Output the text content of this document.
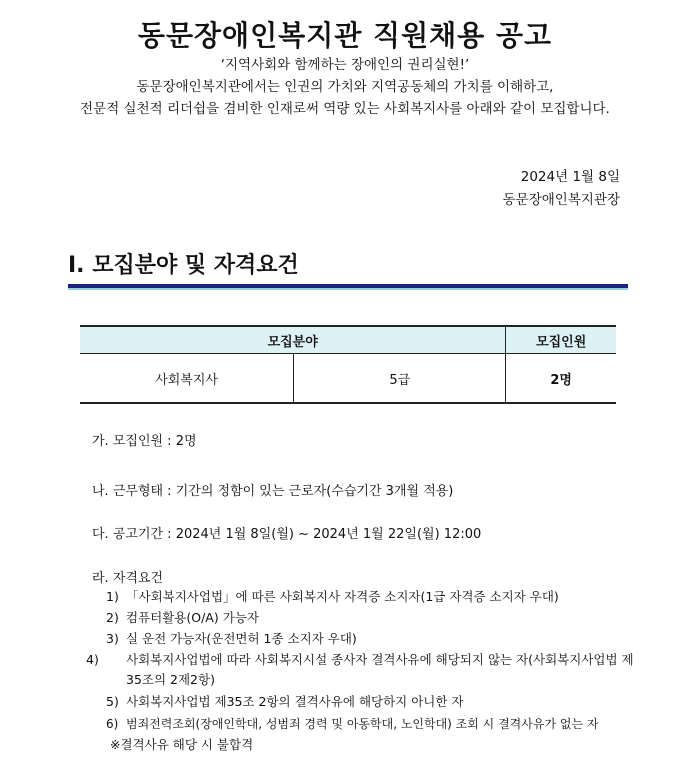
동문장애인복지관 직원채용 공고
‘지역사회와 함께하는 장애인의 권리실현!’
동문장애인복지관에서는 인권의 가치와 지역공동체의 가치를 이해하고,
전문적 실천적 리더쉽을 겸비한 인재로써 역량 있는 사회복지사를 아래와 같이 모집합니다.
2024년 1월 8일
동문장애인복지관장
Ⅰ. 모집분야 및 자격요건
모집분야		모집인원
사회복지사	5급	2명
가. 모집인원 : 2명
나. 근무형태 : 기간의 정함이 있는 근로자(수습기간 3개월 적용)
다. 공고기간 : 2024년 1월 8일(월) ~ 2024년 1월 22일(월) 12:00
라. 자격요건
1) 「사회복지사업법」에 따른 사회복지사 자격증 소지자(1급 자격증 소지자 우대)
2) 컴퓨터활용(O/A) 가능자
3) 실 운전 가능자(운전면허 1종 소지자 우대)
4) 사회복지사업법에 따라 사회복지시설 종사자 결격사유에 해당되지 않는 자(사회복지사업법 제35조의 2제2항)
5) 사회복지사업법 제35조 2항의 결격사유에 해당하지 아니한 자
6) 범죄전력조회(장애인학대, 성범죄 경력 및 아동학대, 노인학대) 조회 시 결격사유가 없는 자
※결격사유 해당 시 불합격
